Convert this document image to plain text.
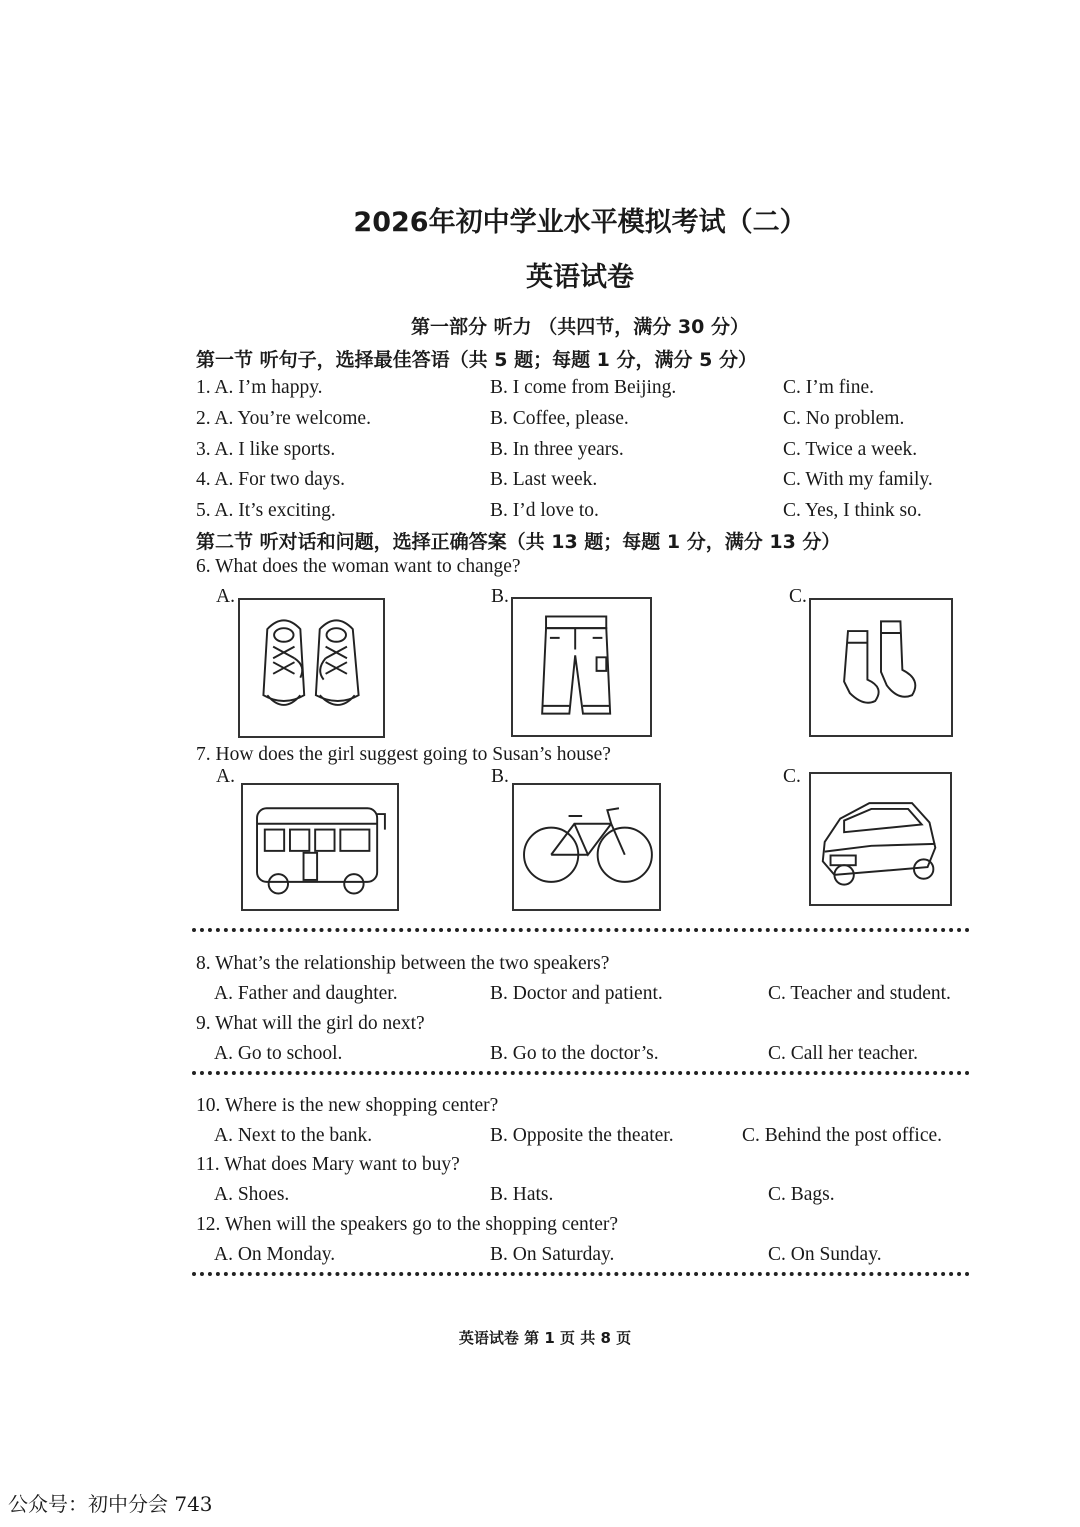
2026年初中学业水平模拟考试（二）
英语试卷
第一部分 听力 （共四节，满分 30 分）
第一节 听句子，选择最佳答语（共 5 题；每题 1 分，满分 5 分）
1. A. I’m happy.	B. I come from Beijing.	C. I’m fine.
2. A. You’re welcome.	B. Coffee, please.	C. No problem.
3. A. I like sports.	B. In three years.	C. Twice a week.
4. A. For two days.	B. Last week.	C. With my family.
5. A. It’s exciting.	B. I’d love to.	C. Yes, I think so.
第二节 听对话和问题，选择正确答案（共 13 题；每题 1 分，满分 13 分）
6. What does the woman want to change?
A.	B.	C.
7. How does the girl suggest going to Susan’s house?
A.	B.	C.
8. What’s the relationship between the two speakers?
A. Father and daughter.	B. Doctor and patient.	C. Teacher and student.
9. What will the girl do next?
A. Go to school.	B. Go to the doctor’s.	C. Call her teacher.
10. Where is the new shopping center?
A. Next to the bank.	B. Opposite the theater.	C. Behind the post office.
11. What does Mary want to buy?
A. Shoes.	B. Hats.	C. Bags.
12. When will the speakers go to the shopping center?
A. On Monday.	B. On Saturday.	C. On Sunday.
英语试卷 第 1 页 共 8 页
公众号：初中分会 743
